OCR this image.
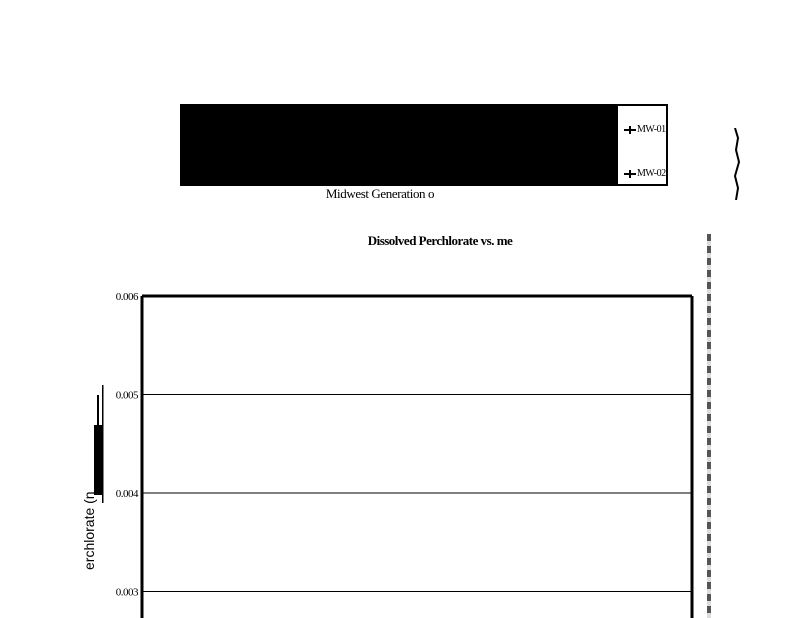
MW-01
MW-02
Midwest Generation o
Dissolved Perchlorate vs. me
0.006
0.005
0.004
0.003
erchlorate (n
